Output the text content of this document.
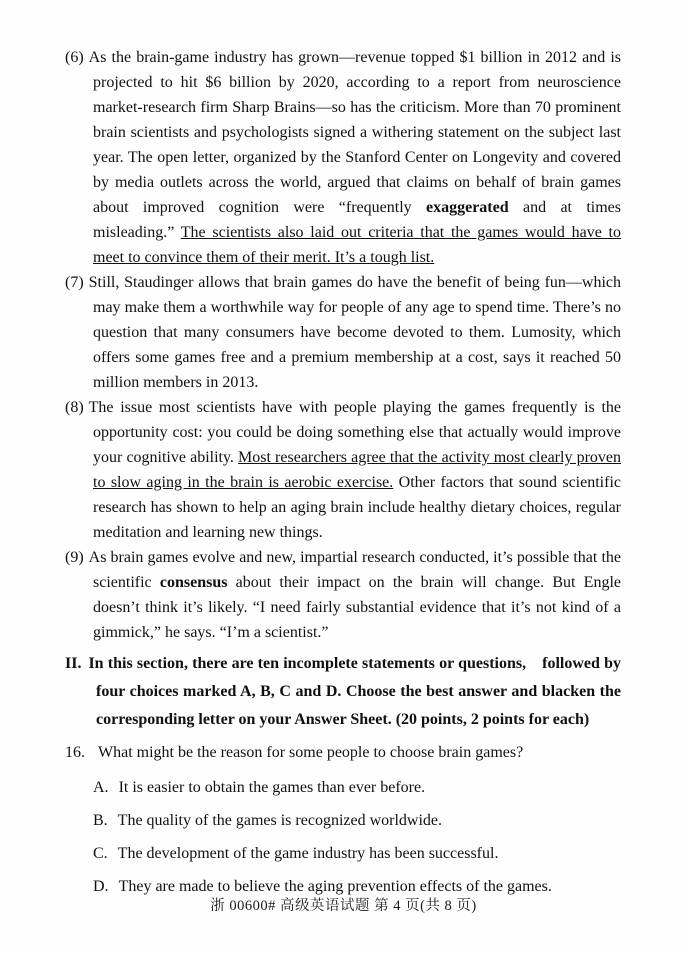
(6) As the brain-game industry has grown—revenue topped $1 billion in 2012 and is projected to hit $6 billion by 2020, according to a report from neuroscience market-research firm Sharp Brains—so has the criticism. More than 70 prominent brain scientists and psychologists signed a withering statement on the subject last year. The open letter, organized by the Stanford Center on Longevity and covered by media outlets across the world, argued that claims on behalf of brain games about improved cognition were “frequently exaggerated and at times misleading.” The scientists also laid out criteria that the games would have to meet to convince them of their merit. It’s a tough list.
(7) Still, Staudinger allows that brain games do have the benefit of being fun—which may make them a worthwhile way for people of any age to spend time. There’s no question that many consumers have become devoted to them. Lumosity, which offers some games free and a premium membership at a cost, says it reached 50 million members in 2013.
(8) The issue most scientists have with people playing the games frequently is the opportunity cost: you could be doing something else that actually would improve your cognitive ability. Most researchers agree that the activity most clearly proven to slow aging in the brain is aerobic exercise. Other factors that sound scientific research has shown to help an aging brain include healthy dietary choices, regular meditation and learning new things.
(9) As brain games evolve and new, impartial research conducted, it’s possible that the scientific consensus about their impact on the brain will change. But Engle doesn’t think it’s likely. “I need fairly substantial evidence that it’s not kind of a gimmick,” he says. “I’m a scientist.”
II. In this section, there are ten incomplete statements or questions, followed by four choices marked A, B, C and D. Choose the best answer and blacken the corresponding letter on your Answer Sheet. (20 points, 2 points for each)
16. What might be the reason for some people to choose brain games?
A. It is easier to obtain the games than ever before.
B. The quality of the games is recognized worldwide.
C. The development of the game industry has been successful.
D. They are made to believe the aging prevention effects of the games.
浙 00600# 高级英语试题 第 4 页(共 8 页)
